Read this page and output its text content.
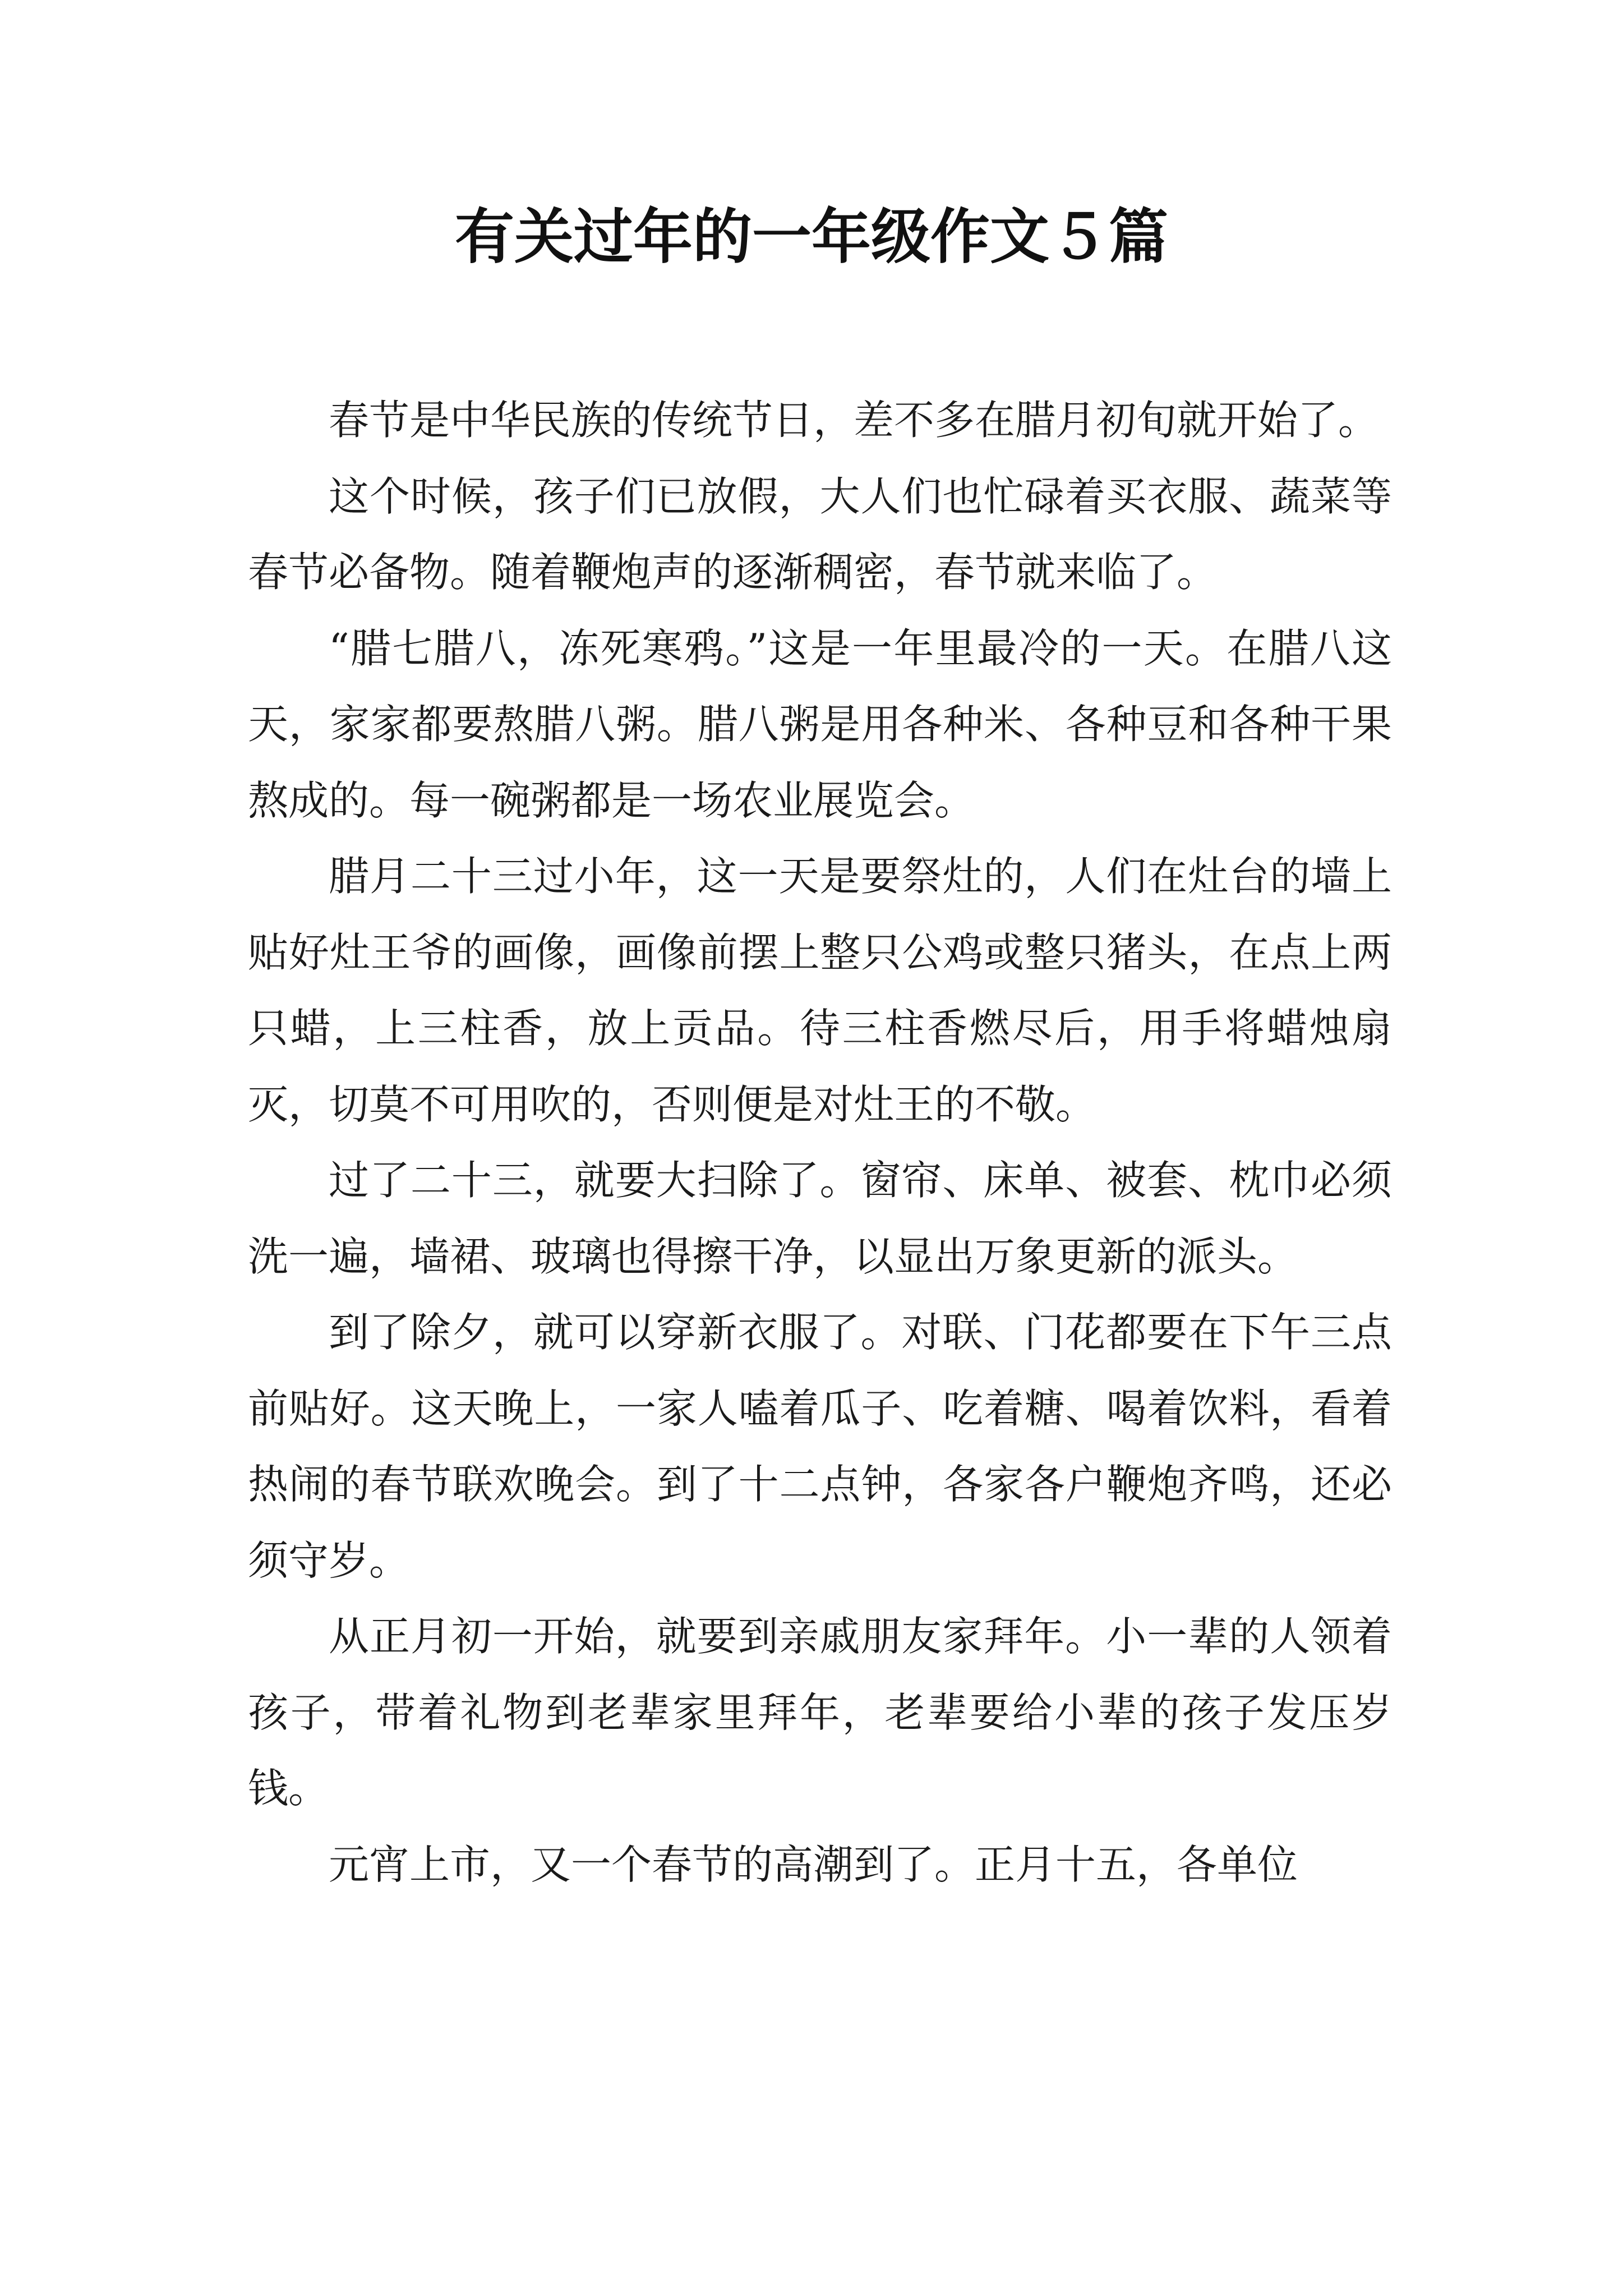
有关过年的一年级作文５篇

春节是中华民族的传统节日，差不多在腊月初旬就开始了。

这个时候，孩子们已放假，大人们也忙碌着买衣服、蔬菜等春节必备物。随着鞭炮声的逐渐稠密，春节就来临了。

“腊七腊八，冻死寒鸦。”这是一年里最冷的一天。在腊八这天，家家都要熬腊八粥。腊八粥是用各种米、各种豆和各种干果熬成的。每一碗粥都是一场农业展览会。

腊月二十三过小年，这一天是要祭灶的，人们在灶台的墙上贴好灶王爷的画像，画像前摆上整只公鸡或整只猪头，在点上两只蜡，上三柱香，放上贡品。待三柱香燃尽后，用手将蜡烛扇灭，切莫不可用吹的，否则便是对灶王的不敬。

过了二十三，就要大扫除了。窗帘、床单、被套、枕巾必须洗一遍，墙裙、玻璃也得擦干净，以显出万象更新的派头。

到了除夕，就可以穿新衣服了。对联、门花都要在下午三点前贴好。这天晚上，一家人嗑着瓜子、吃着糖、喝着饮料，看着热闹的春节联欢晚会。到了十二点钟，各家各户鞭炮齐鸣，还必须守岁。

从正月初一开始，就要到亲戚朋友家拜年。小一辈的人领着孩子，带着礼物到老辈家里拜年，老辈要给小辈的孩子发压岁钱。

元宵上市，又一个春节的高潮到了。正月十五，各单位
